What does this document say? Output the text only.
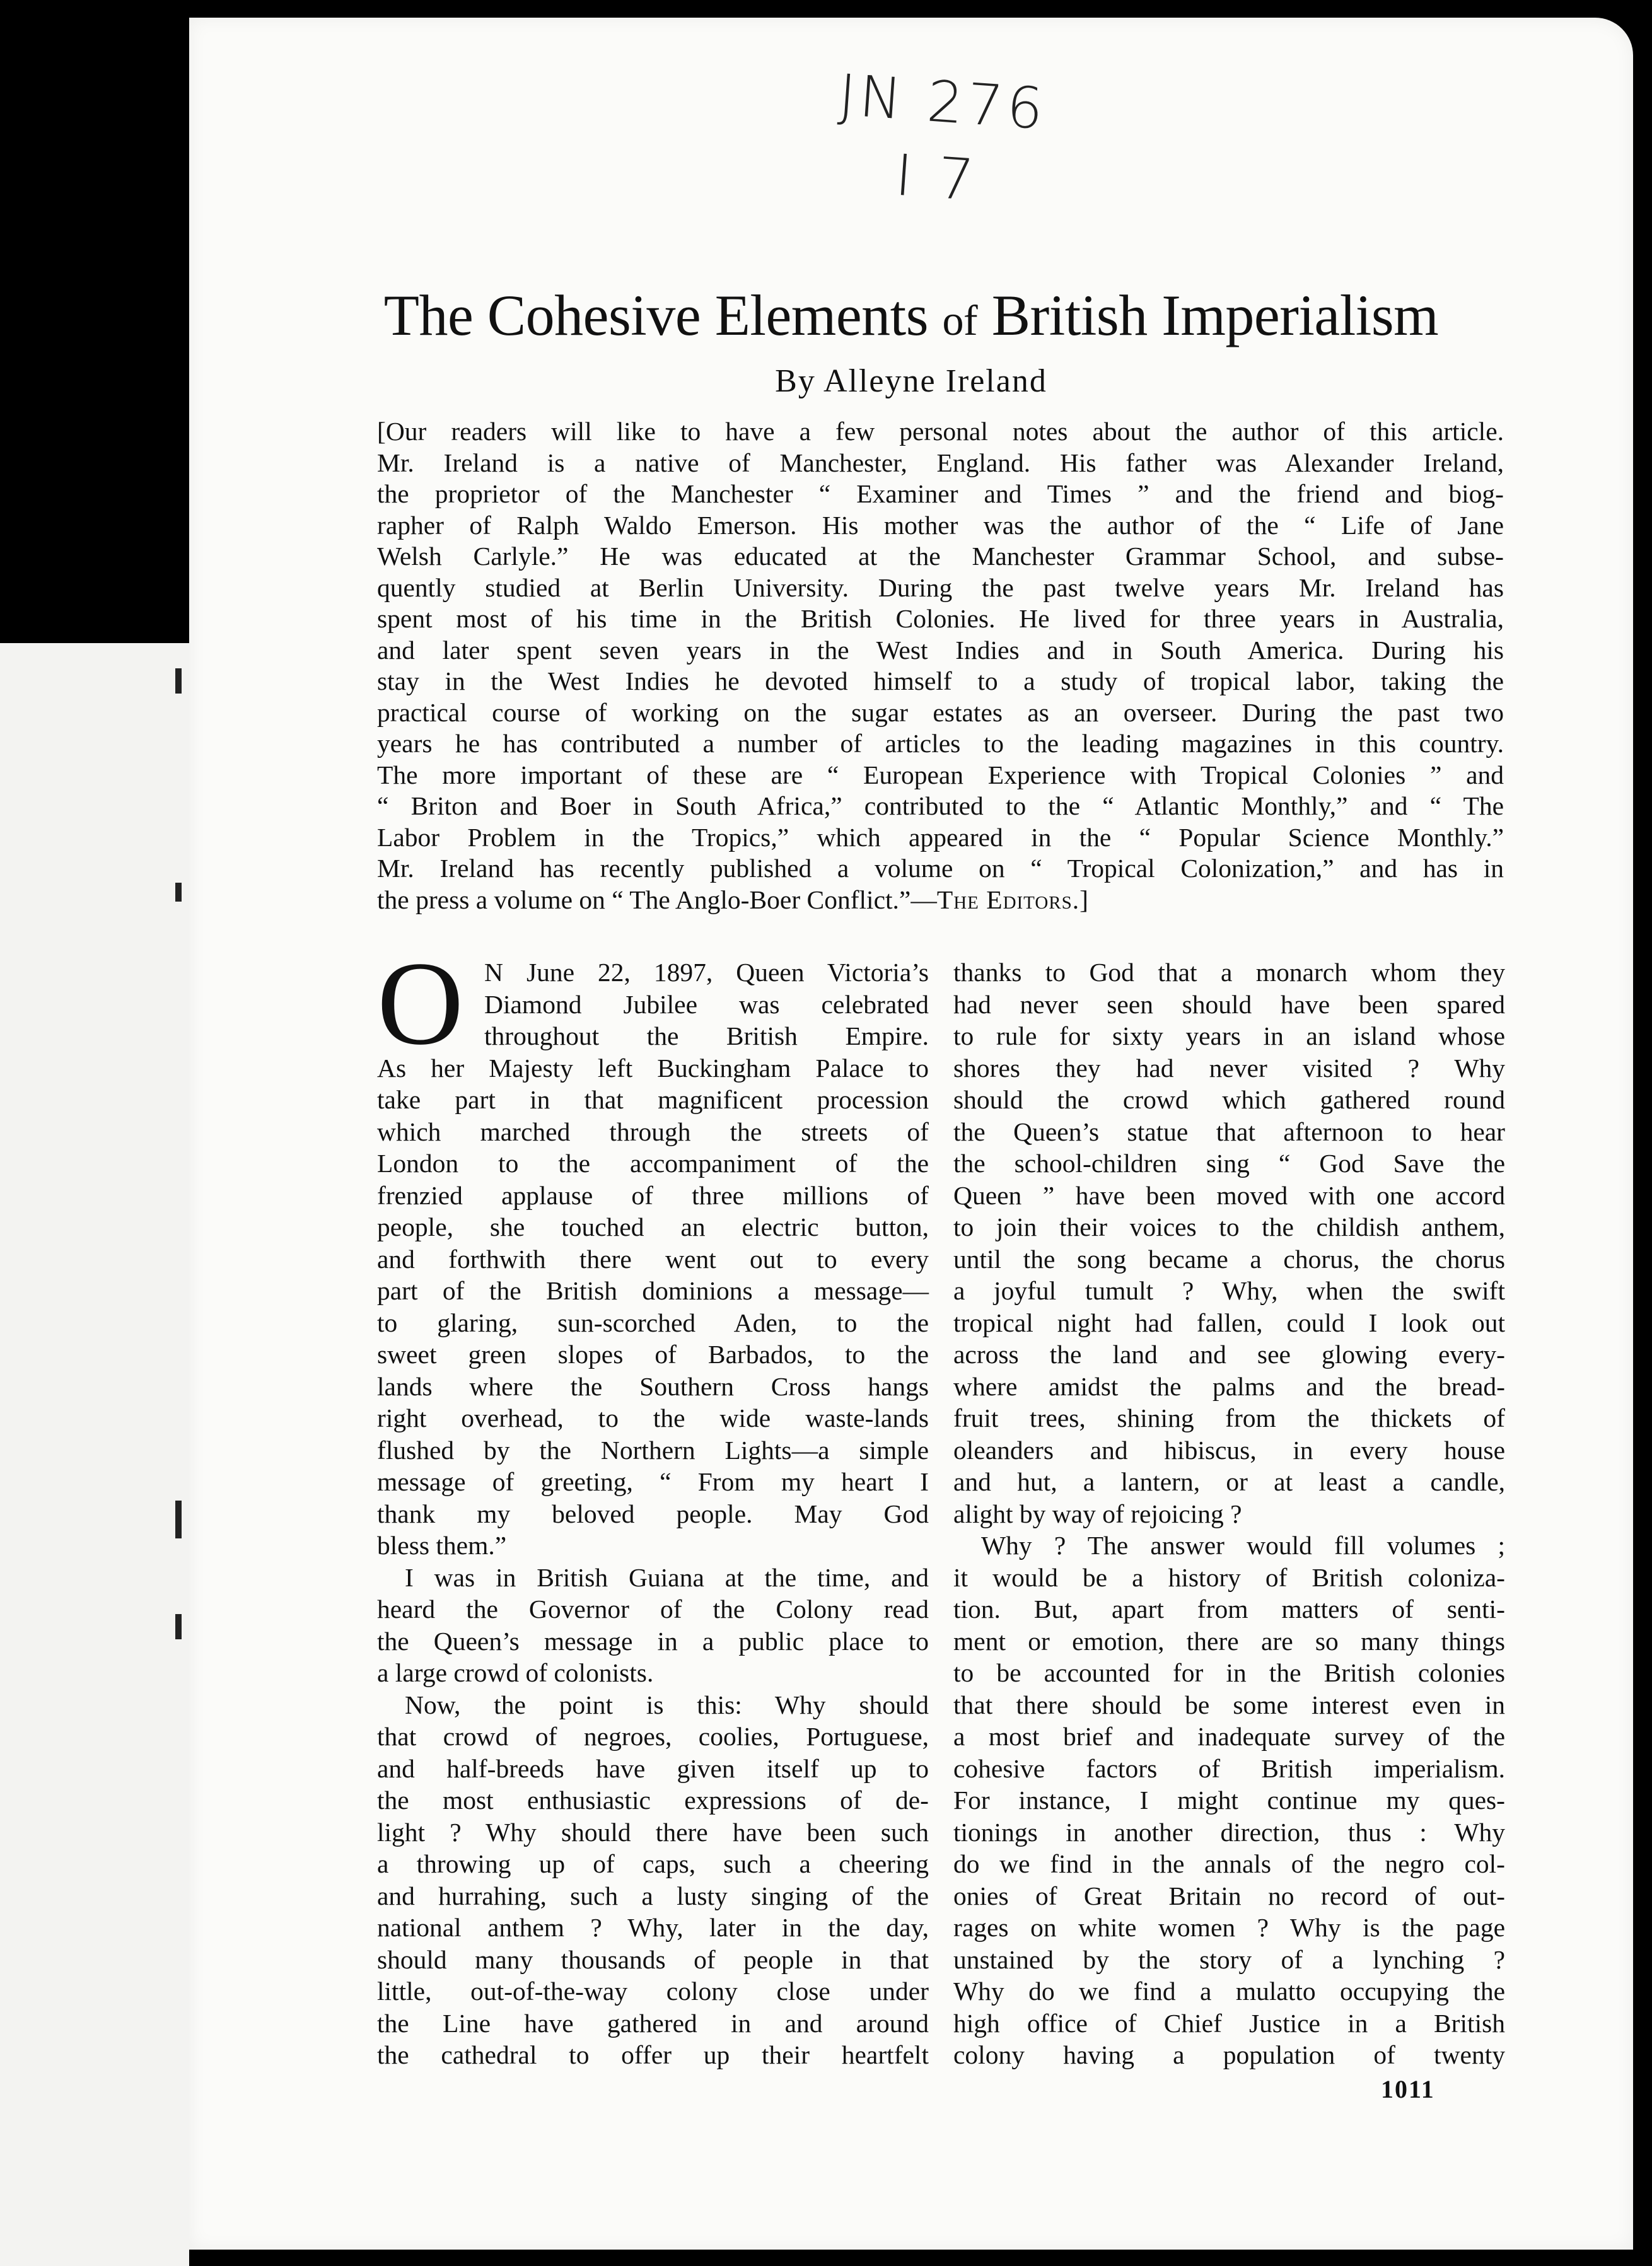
JN 276
I 7
The Cohesive Elements of British Imperialism

By Alleyne Ireland

[Our readers will like to have a few personal notes about the author of this article.
Mr. Ireland is a native of Manchester, England. His father was Alexander Ireland,
the proprietor of the Manchester “ Examiner and Times ” and the friend and biog-
rapher of Ralph Waldo Emerson. His mother was the author of the “ Life of Jane
Welsh Carlyle.” He was educated at the Manchester Grammar School, and subse-
quently studied at Berlin University. During the past twelve years Mr. Ireland has
spent most of his time in the British Colonies. He lived for three years in Australia,
and later spent seven years in the West Indies and in South America. During his
stay in the West Indies he devoted himself to a study of tropical labor, taking the
practical course of working on the sugar estates as an overseer. During the past two
years he has contributed a number of articles to the leading magazines in this country.
The more important of these are “ European Experience with Tropical Colonies ” and
“ Briton and Boer in South Africa,” contributed to the “ Atlantic Monthly,” and “ The
Labor Problem in the Tropics,” which appeared in the “ Popular Science Monthly.”
Mr. Ireland has recently published a volume on “ Tropical Colonization,” and has in
the press a volume on “ The Anglo-Boer Conflict.”—The Editors.]

O N June 22, 1897, Queen Victoria’s
Diamond Jubilee was celebrated
throughout the British Empire.
As her Majesty left Buckingham Palace to
take part in that magnificent procession
which marched through the streets of
London to the accompaniment of the
frenzied applause of three millions of
people, she touched an electric button,
and forthwith there went out to every
part of the British dominions a message—
to glaring, sun-scorched Aden, to the
sweet green slopes of Barbados, to the
lands where the Southern Cross hangs
right overhead, to the wide waste-lands
flushed by the Northern Lights—a simple
message of greeting, “ From my heart I
thank my beloved people. May God
bless them.”
I was in British Guiana at the time, and
heard the Governor of the Colony read
the Queen’s message in a public place to
a large crowd of colonists.
Now, the point is this: Why should
that crowd of negroes, coolies, Portuguese,
and half-breeds have given itself up to
the most enthusiastic expressions of de-
light ? Why should there have been such
a throwing up of caps, such a cheering
and hurrahing, such a lusty singing of the
national anthem ? Why, later in the day,
should many thousands of people in that
little, out-of-the-way colony close under
the Line have gathered in and around
the cathedral to offer up their heartfelt
thanks to God that a monarch whom they
had never seen should have been spared
to rule for sixty years in an island whose
shores they had never visited ? Why
should the crowd which gathered round
the Queen’s statue that afternoon to hear
the school-children sing “ God Save the
Queen ” have been moved with one accord
to join their voices to the childish anthem,
until the song became a chorus, the chorus
a joyful tumult ? Why, when the swift
tropical night had fallen, could I look out
across the land and see glowing every-
where amidst the palms and the bread-
fruit trees, shining from the thickets of
oleanders and hibiscus, in every house
and hut, a lantern, or at least a candle,
alight by way of rejoicing ?
Why ? The answer would fill volumes ;
it would be a history of British coloniza-
tion. But, apart from matters of senti-
ment or emotion, there are so many things
to be accounted for in the British colonies
that there should be some interest even in
a most brief and inadequate survey of the
cohesive factors of British imperialism.
For instance, I might continue my ques-
tionings in another direction, thus : Why
do we find in the annals of the negro col-
onies of Great Britain no record of out-
rages on white women ? Why is the page
unstained by the story of a lynching ?
Why do we find a mulatto occupying the
high office of Chief Justice in a British
colony having a population of twenty
1011
